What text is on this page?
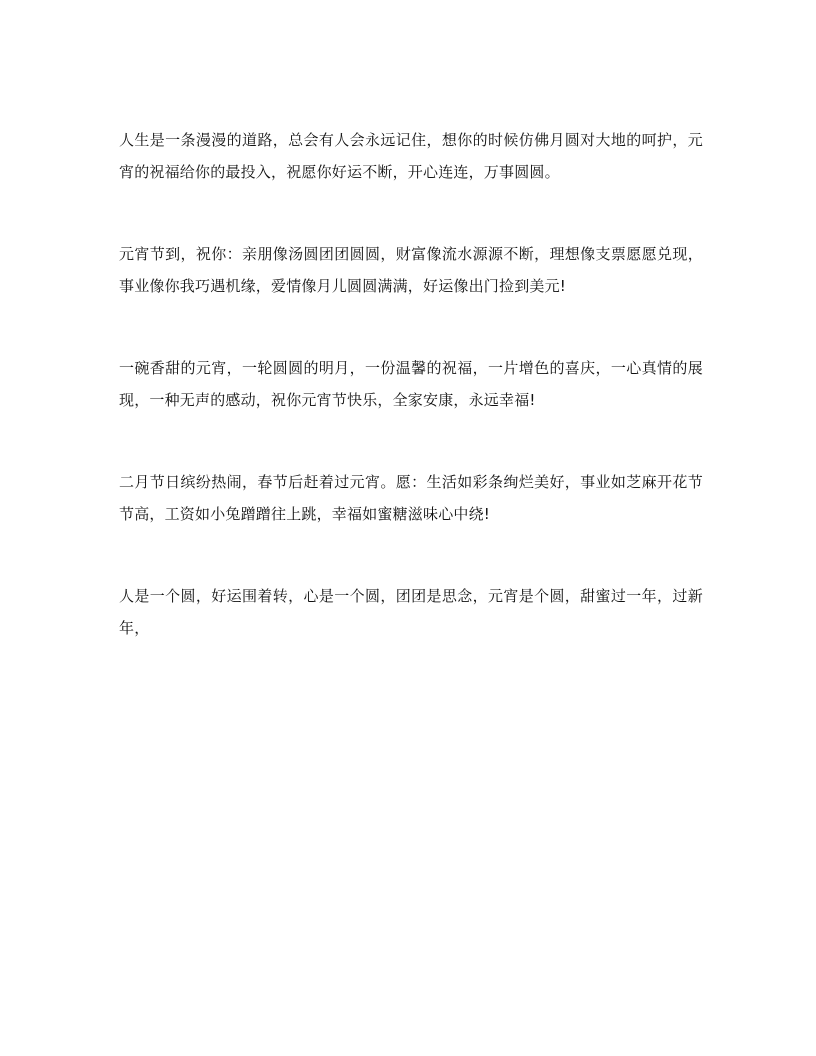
人生是一条漫漫的道路，总会有人会永远记住，想你的时候仿佛月圆对大地的呵护，元宵的祝福给你的最投入，祝愿你好运不断，开心连连，万事圆圆。

元宵节到，祝你：亲朋像汤圆团团圆圆，财富像流水源源不断，理想像支票愿愿兑现，事业像你我巧遇机缘，爱情像月儿圆圆满满，好运像出门捡到美元!

一碗香甜的元宵，一轮圆圆的明月，一份温馨的祝福，一片增色的喜庆，一心真情的展现，一种无声的感动，祝你元宵节快乐，全家安康，永远幸福!

二月节日缤纷热闹，春节后赶着过元宵。愿：生活如彩条绚烂美好，事业如芝麻开花节节高，工资如小兔蹭蹭往上跳，幸福如蜜糖滋味心中绕!

人是一个圆，好运围着转，心是一个圆，团团是思念，元宵是个圆，甜蜜过一年，过新年，
